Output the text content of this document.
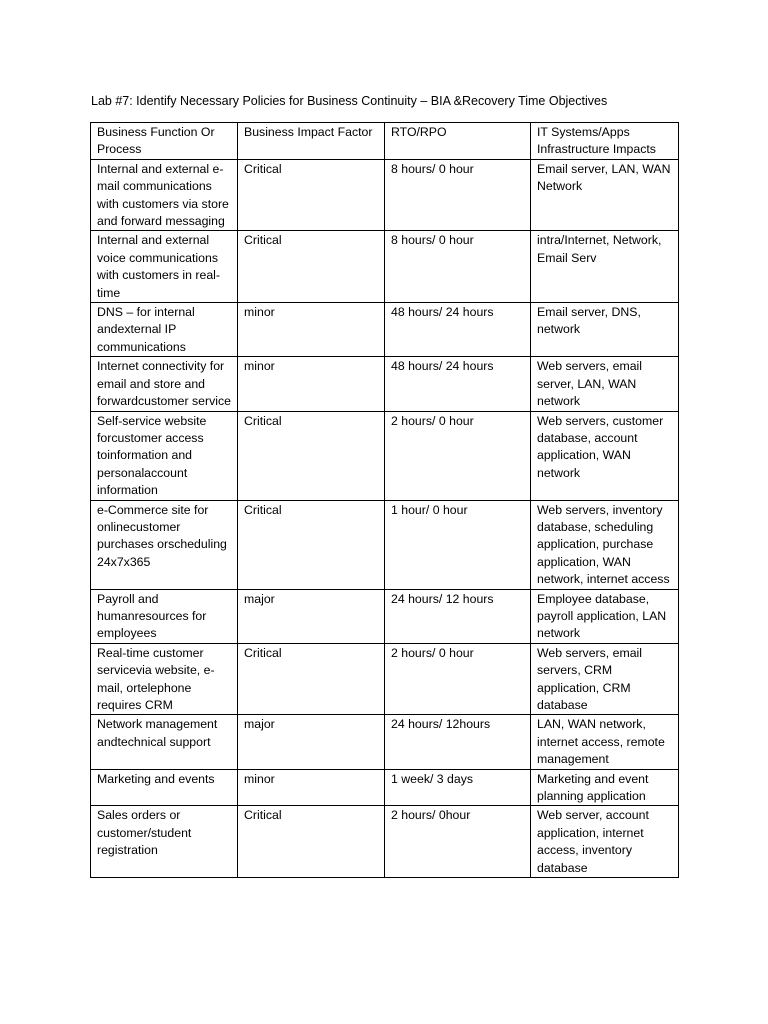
Lab #7: Identify Necessary Policies for Business Continuity – BIA &Recovery Time Objectives
Business Function Or Process	Business Impact Factor	RTO/RPO	IT Systems/Apps Infrastructure Impacts
Internal and external e-mail communications with customers via store and forward messaging	Critical	8 hours/ 0 hour	Email server, LAN, WAN Network
Internal and external voice communications with customers in real-time	Critical	8 hours/ 0 hour	intra/Internet, Network, Email Serv
DNS – for internal andexternal IP communications	minor	48 hours/ 24 hours	Email server, DNS, network
Internet connectivity for email and store and forwardcustomer service	minor	48 hours/ 24 hours	Web servers, email server, LAN, WAN network
Self-service website forcustomer access toinformation and personalaccount information	Critical	2 hours/ 0 hour	Web servers, customer database, account application, WAN network
e-Commerce site for onlinecustomer purchases orscheduling 24x7x365	Critical	1 hour/ 0 hour	Web servers, inventory database, scheduling application, purchase application, WAN network, internet access
Payroll and humanresources for employees	major	24 hours/ 12 hours	Employee database, payroll application, LAN network
Real-time customer servicevia website, e-mail, ortelephone requires CRM	Critical	2 hours/ 0 hour	Web servers, email servers, CRM application, CRM database
Network management andtechnical support	major	24 hours/ 12hours	LAN, WAN network, internet access, remote management
Marketing and events	minor	1 week/ 3 days	Marketing and event planning application
Sales orders or customer/student registration	Critical	2 hours/ 0hour	Web server, account application, internet access, inventory database
